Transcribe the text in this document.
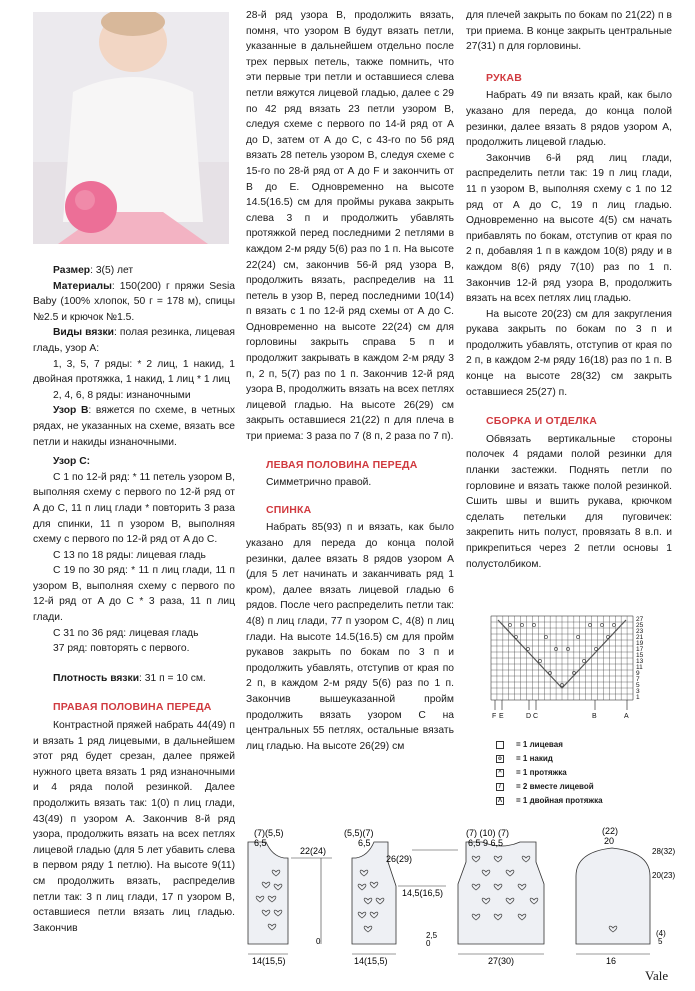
Размер: 3(5) лет

Материалы: 150(200) г пряжи Sesia Baby (100% хлопок, 50 г = 178 м), спицы №2.5 и крючок №1.5.

Виды вязки: полая резинка, лицевая гладь, узор A:

1, 3, 5, 7 ряды: * 2 лиц, 1 накид, 1 двойная протяжка, 1 накид, 1 лиц * 1 лиц

2, 4, 6, 8 ряды: изнаночными

Узор В: вяжется по схеме, в четных рядах, не указанных на схеме, вязать все петли и накиды изнаночными.

Узор С:

С 1 по 12-й ряд: * 11 петель узором В, выполняя схему с первого по 12-й ряд от A до С, 11 п лиц глади * повторить 3 раза для спинки, 11 п узором В, выполняя схему с первого по 12-й ряд от A до С.

С 13 по 18 ряды: лицевая гладь

С 19 по 30 ряд: * 11 п лиц глади, 11 п узором В, выполняя схему с первого по 12-й ряд от A до С * 3 раза, 11 п лиц глади.

С 31 по 36 ряд: лицевая гладь

37 ряд: повторять с первого.

Плотность вязки: 31 п = 10 см.

ПРАВАЯ ПОЛОВИНА ПЕРЕДА

Контрастной пряжей набрать 44(49) п и вязать 1 ряд лицевыми, в дальнейшем этот ряд будет срезан, далее пряжей нужного цвета вязать 1 ряд изнаночными и 4 ряда полой резинкой. Далее продолжить вязать так: 1(0) п лиц глади, 43(49) п узором А. Закончив 8-й ряд узора, продолжить вязать на всех петлях лицевой гладью (для 5 лет убавить слева в первом ряду 1 петлю). На высоте 9(11) см продолжить вязать, распределив петли так: 3 п лиц глади, 17 п узором В, оставшиеся петли вязать лиц гладью. Закончив

28-й ряд узора В, продолжить вязать, помня, что узором В будут вязать петли, указанные в дальнейшем отдельно после трех первых петель, также помнить, что эти первые три петли и оставшиеся слева петли вяжутся лицевой гладью, далее с 29 по 42 ряд вязать 23 петли узором В, следуя схеме с первого по 14-й ряд от А до D, затем от А до С, с 43-го по 56 ряд вязать 28 петель узором В, следуя схеме с 15-го по 28-й ряд от А до F и закончить от В до Е. Одновременно на высоте 14.5(16.5) см для проймы рукава закрыть слева 3 п и продолжить убавлять протяжкой перед последними 2 петлями в каждом 2-м ряду 5(6) раз по 1 п. На высоте 22(24) см, закончив 56-й ряд узора В, продолжить вязать, распределив на 11 петель в узор В, перед последними 10(14) п вязать с 1 по 12-й ряд схемы от А до С. Одновременно на высоте 22(24) см для горловины закрыть справа 5 п и продолжит закрывать в каждом 2-м ряду 3 п, 2 п, 5(7) раз по 1 п. Закончив 12-й ряд узора В, продолжить вязать на всех петлях лицевой гладью. На высоте 26(29) см закрыть оставшиеся 21(22) п для плеча в три приема: 3 раза по 7 (8 п, 2 раза по 7 п).

ЛЕВАЯ ПОЛОВИНА ПЕРЕДА

Симметрично правой.

СПИНКА

Набрать 85(93) п и вязать, как было указано для переда до конца полой резинки, далее вязать 8 рядов узором А (для 5 лет начинать и заканчивать ряд 1 кром), далее вязать лицевой гладью 6 рядов. После чего распределить петли так: 4(8) п лиц глади, 77 п узором С, 4(8) п лиц глади. На высоте 14.5(16.5) см для пройм рукавов закрыть по бокам по 3 п и продолжить убавлять, отступив от края по 2 п, в каждом 2-м ряду 5(6) раз по 1 п. Закончив вышеуказанной пройм продолжить вязать узором С на центральных 55 петлях, остальные вязать лиц гладью. На высоте 26(29) см

для плечей закрыть по бокам по 21(22) п в три приема. В конце закрыть центральные 27(31) п для горловины.

РУКАВ

Набрать 49 пи вязать край, как было указано для переда, до конца полой резинки, далее вязать 8 рядов узором А, продолжить лицевой гладью.

Закончив 6-й ряд лиц глади, распределить петли так: 19 п лиц глади, 11 п узором В, выполняя схему с 1 по 12 ряд от А до С, 19 п лиц гладью. Одновременно на высоте 4(5) см начать прибавлять по бокам, отступив от края по 2 п, добавляя 1 п в каждом 10(8) ряду и в каждом 8(6) ряду 7(10) раз по 1 п. Закончив 12-й ряд узора В, продолжить вязать на всех петлях лиц гладью.

На высоте 20(23) см для закругления рукава закрыть по бокам по 3 п и продолжить убавлять, отступив от края по 2 п, в каждом 2-м ряду 16(18) раз по 1 п. В конце на высоте 28(32) см закрыть оставшиеся 25(27) п.

СБОРКА И ОТДЕЛКА

Обвязать вертикальные стороны полочек 4 рядами полой резинки для планки застежки. Поднять петли по горловине и вязать также полой резинкой. Сшить швы и вшить рукава, крючком сделать петельки для пуговичек: закрепить нить полуст, провязать 8 в.п. и прикрепиться через 2 петли основы 1 полустолбиком.

27
25
23
21
19
17
15
13
11
9
7
5
3
1
F E	D C	B	A
= 1 лицевая
o = 1 накид
^ = 1 протяжка
/ = 2 вместе лицевой
Λ = 1 двойная протяжка
(7)(5,5)
6,5
22(24)
0
14(15,5)
(5,5)(7)
6,5
14,5(16,5)
14(15,5)
(7) (10) (7)
6,5 9 6,5
26(29)
2,5
0
27(30)
(22)
20
28(32)
20(23)
(4)
5
16
Vale
